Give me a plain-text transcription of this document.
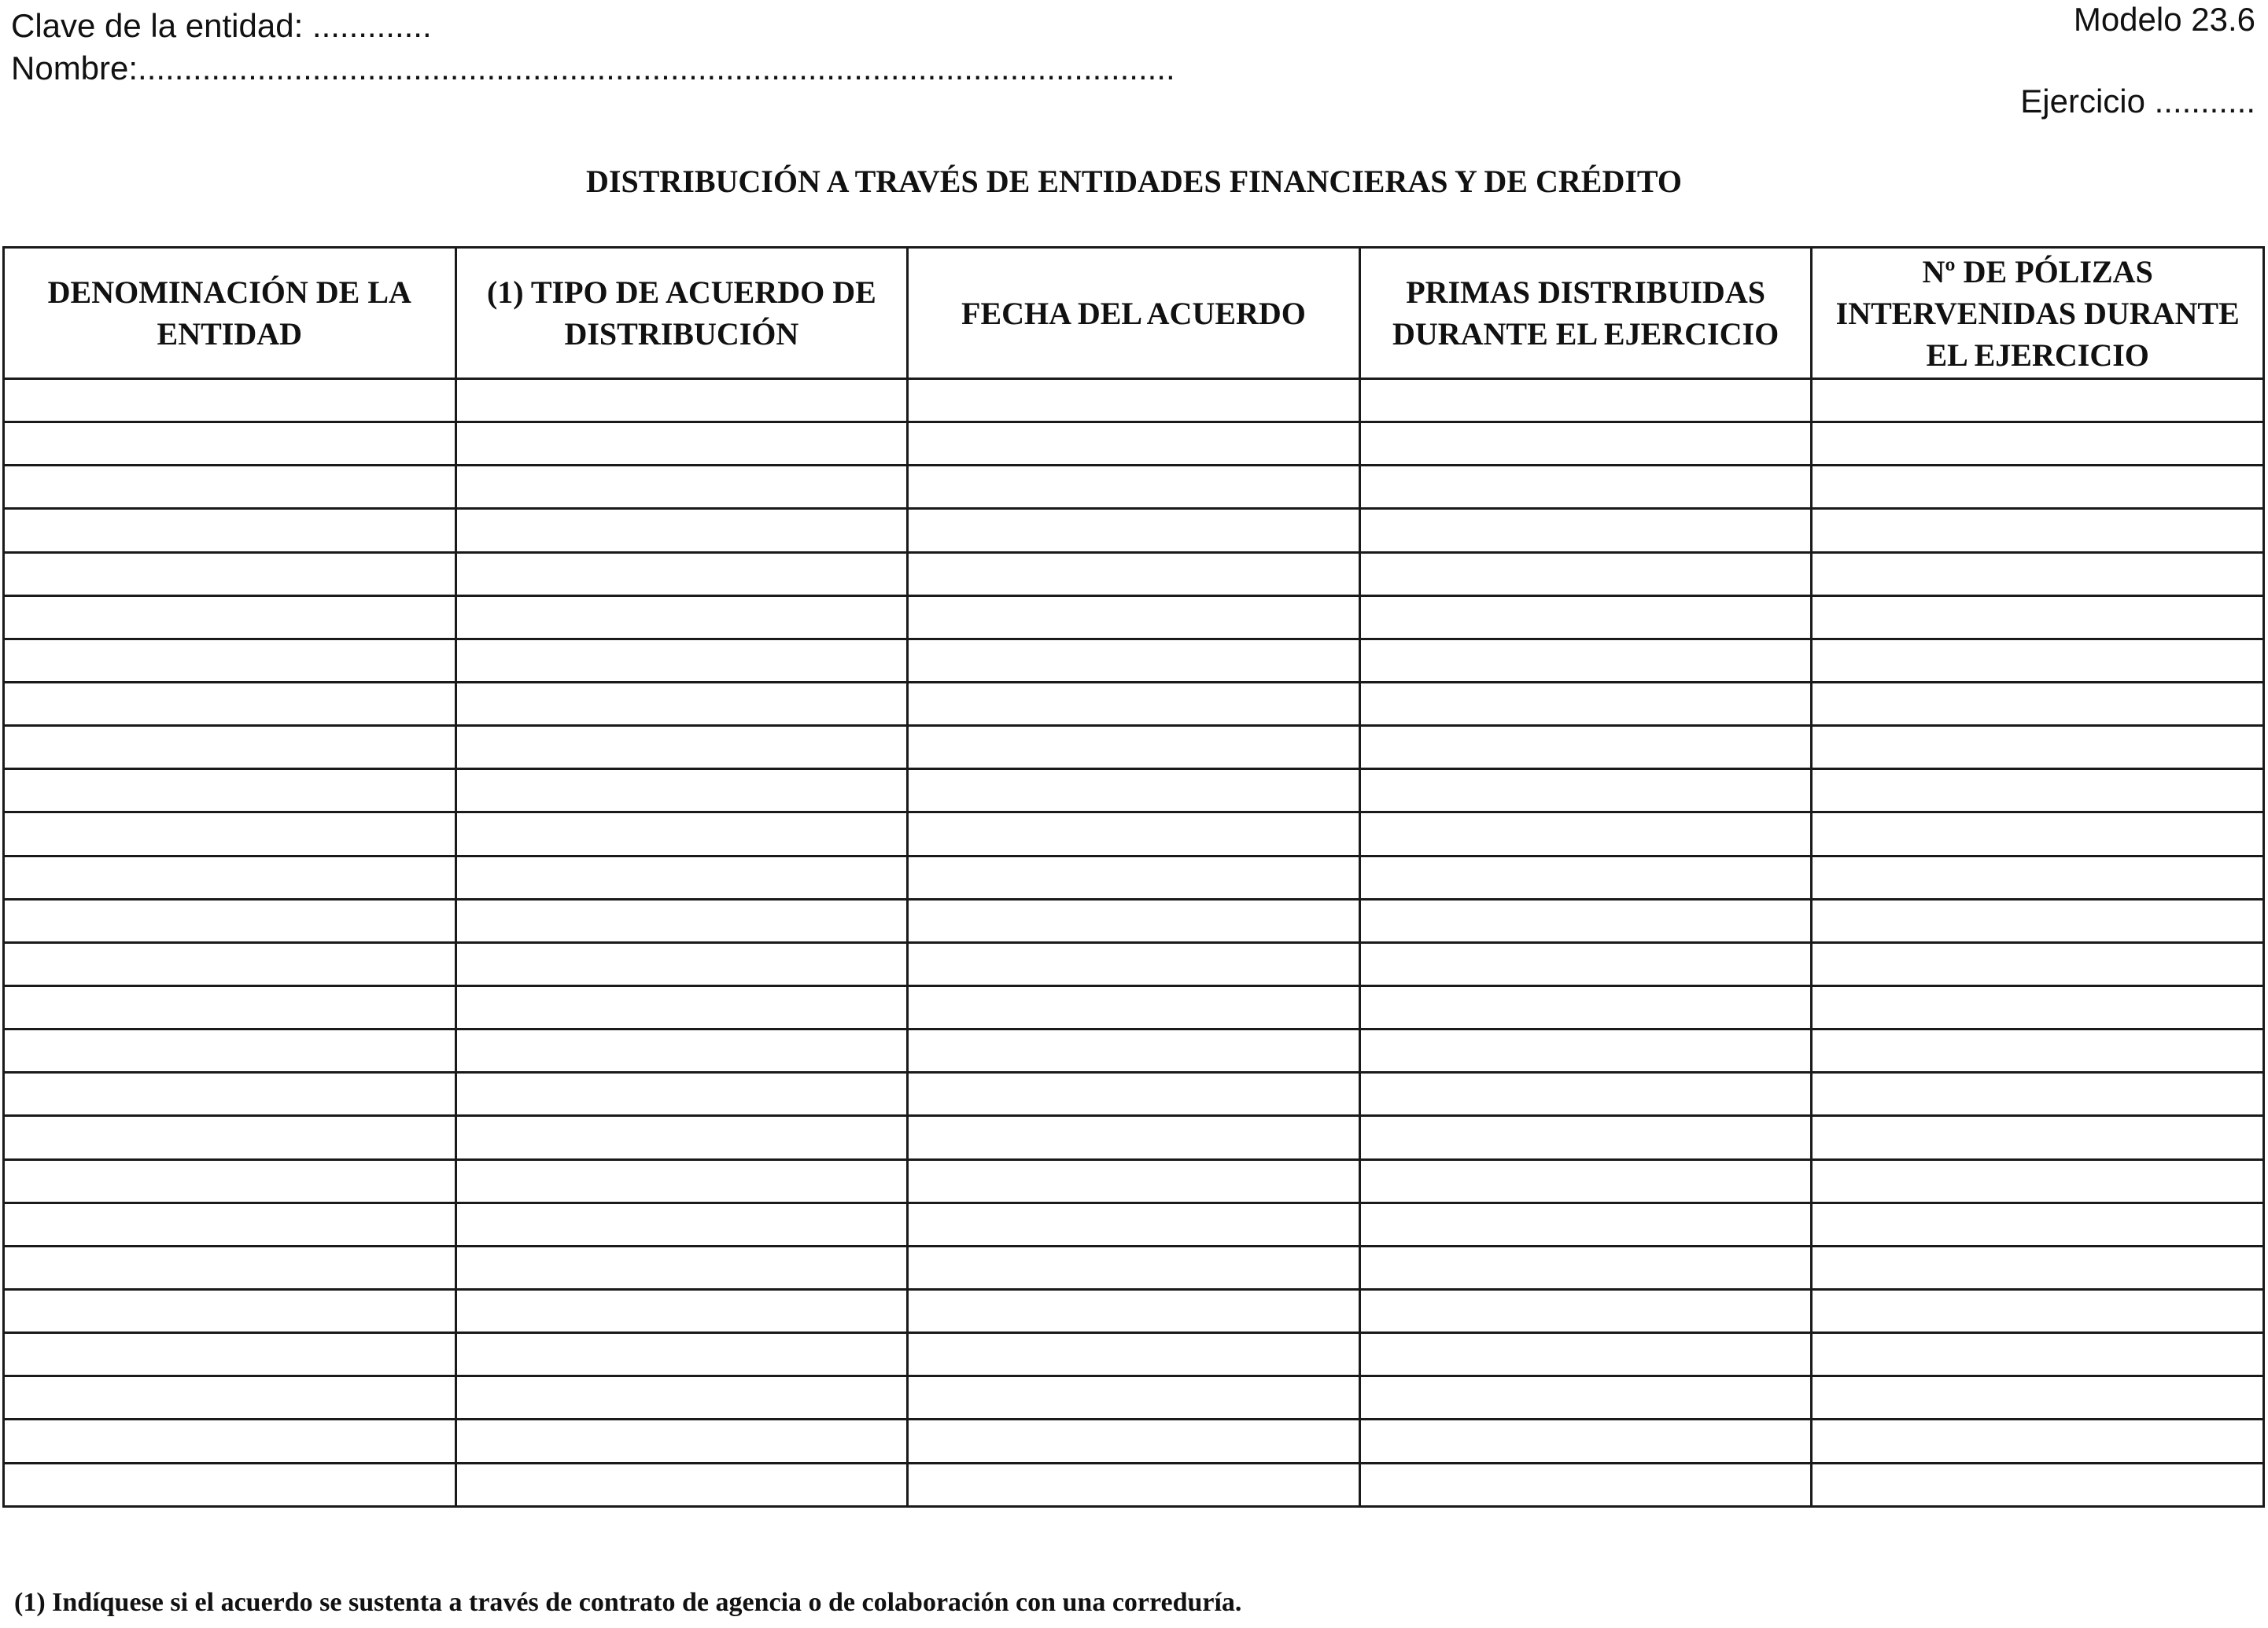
Clave de la entidad: .............
Nombre:.................................................................................................................
Modelo 23.6
Ejercicio ...........
DISTRIBUCIÓN A TRAVÉS DE ENTIDADES FINANCIERAS Y DE CRÉDITO
DENOMINACIÓN DE LA ENTIDAD	(1) TIPO DE ACUERDO DE DISTRIBUCIÓN	FECHA DEL ACUERDO	PRIMAS DISTRIBUIDAS DURANTE EL EJERCICIO	Nº DE PÓLIZAS INTERVENIDAS DURANTE EL EJERCICIO

(1) Indíquese si el acuerdo se sustenta a través de contrato de agencia o de colaboración con una correduría.
